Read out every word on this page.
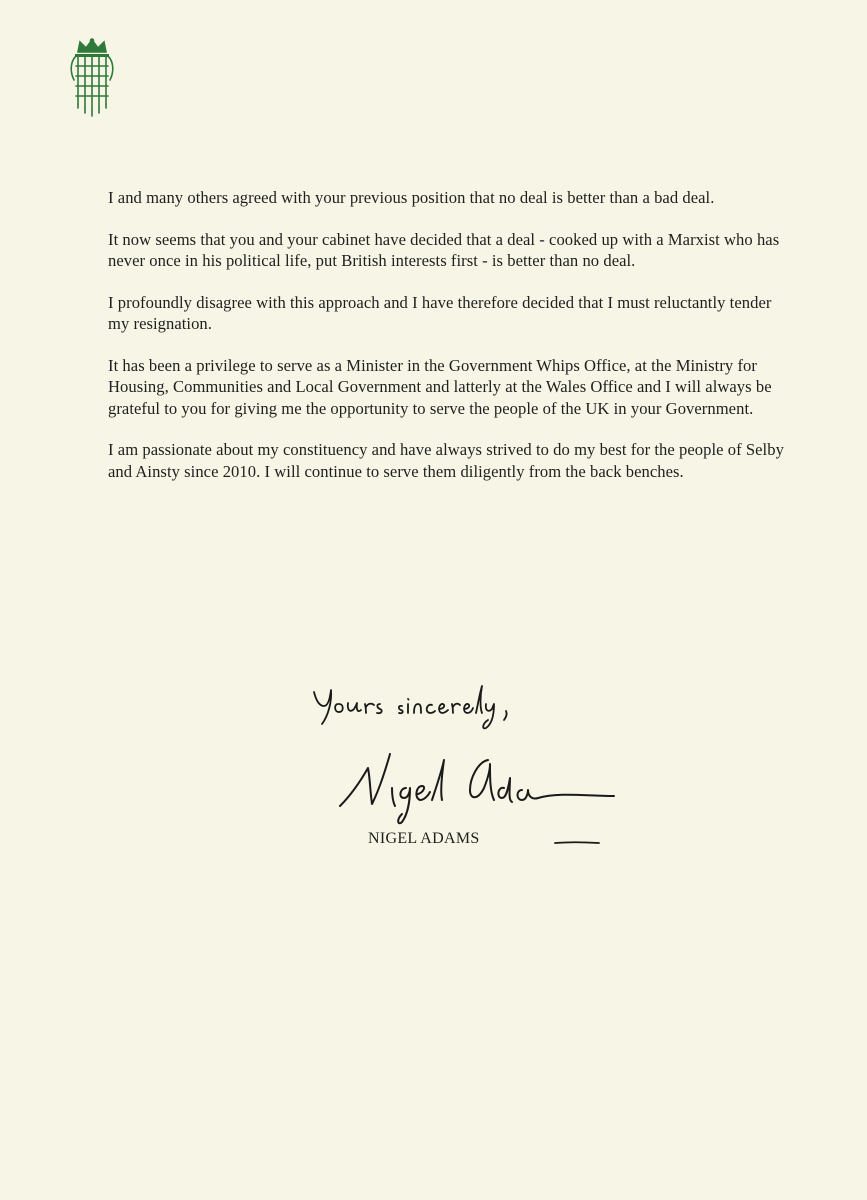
I and many others agreed with your previous position that no deal is better than a bad deal.

It now seems that you and your cabinet have decided that a deal - cooked up with a Marxist who has never once in his political life, put British interests first - is better than no deal.

I profoundly disagree with this approach and I have therefore decided that I must reluctantly tender my resignation.

It has been a privilege to serve as a Minister in the Government Whips Office, at the Ministry for Housing, Communities and Local Government and latterly at the Wales Office and I will always be grateful to you for giving me the opportunity to serve the people of the UK in your Government.

I am passionate about my constituency and have always strived to do my best for the people of Selby and Ainsty since 2010. I will continue to serve them diligently from the back benches.

NIGEL ADAMS
